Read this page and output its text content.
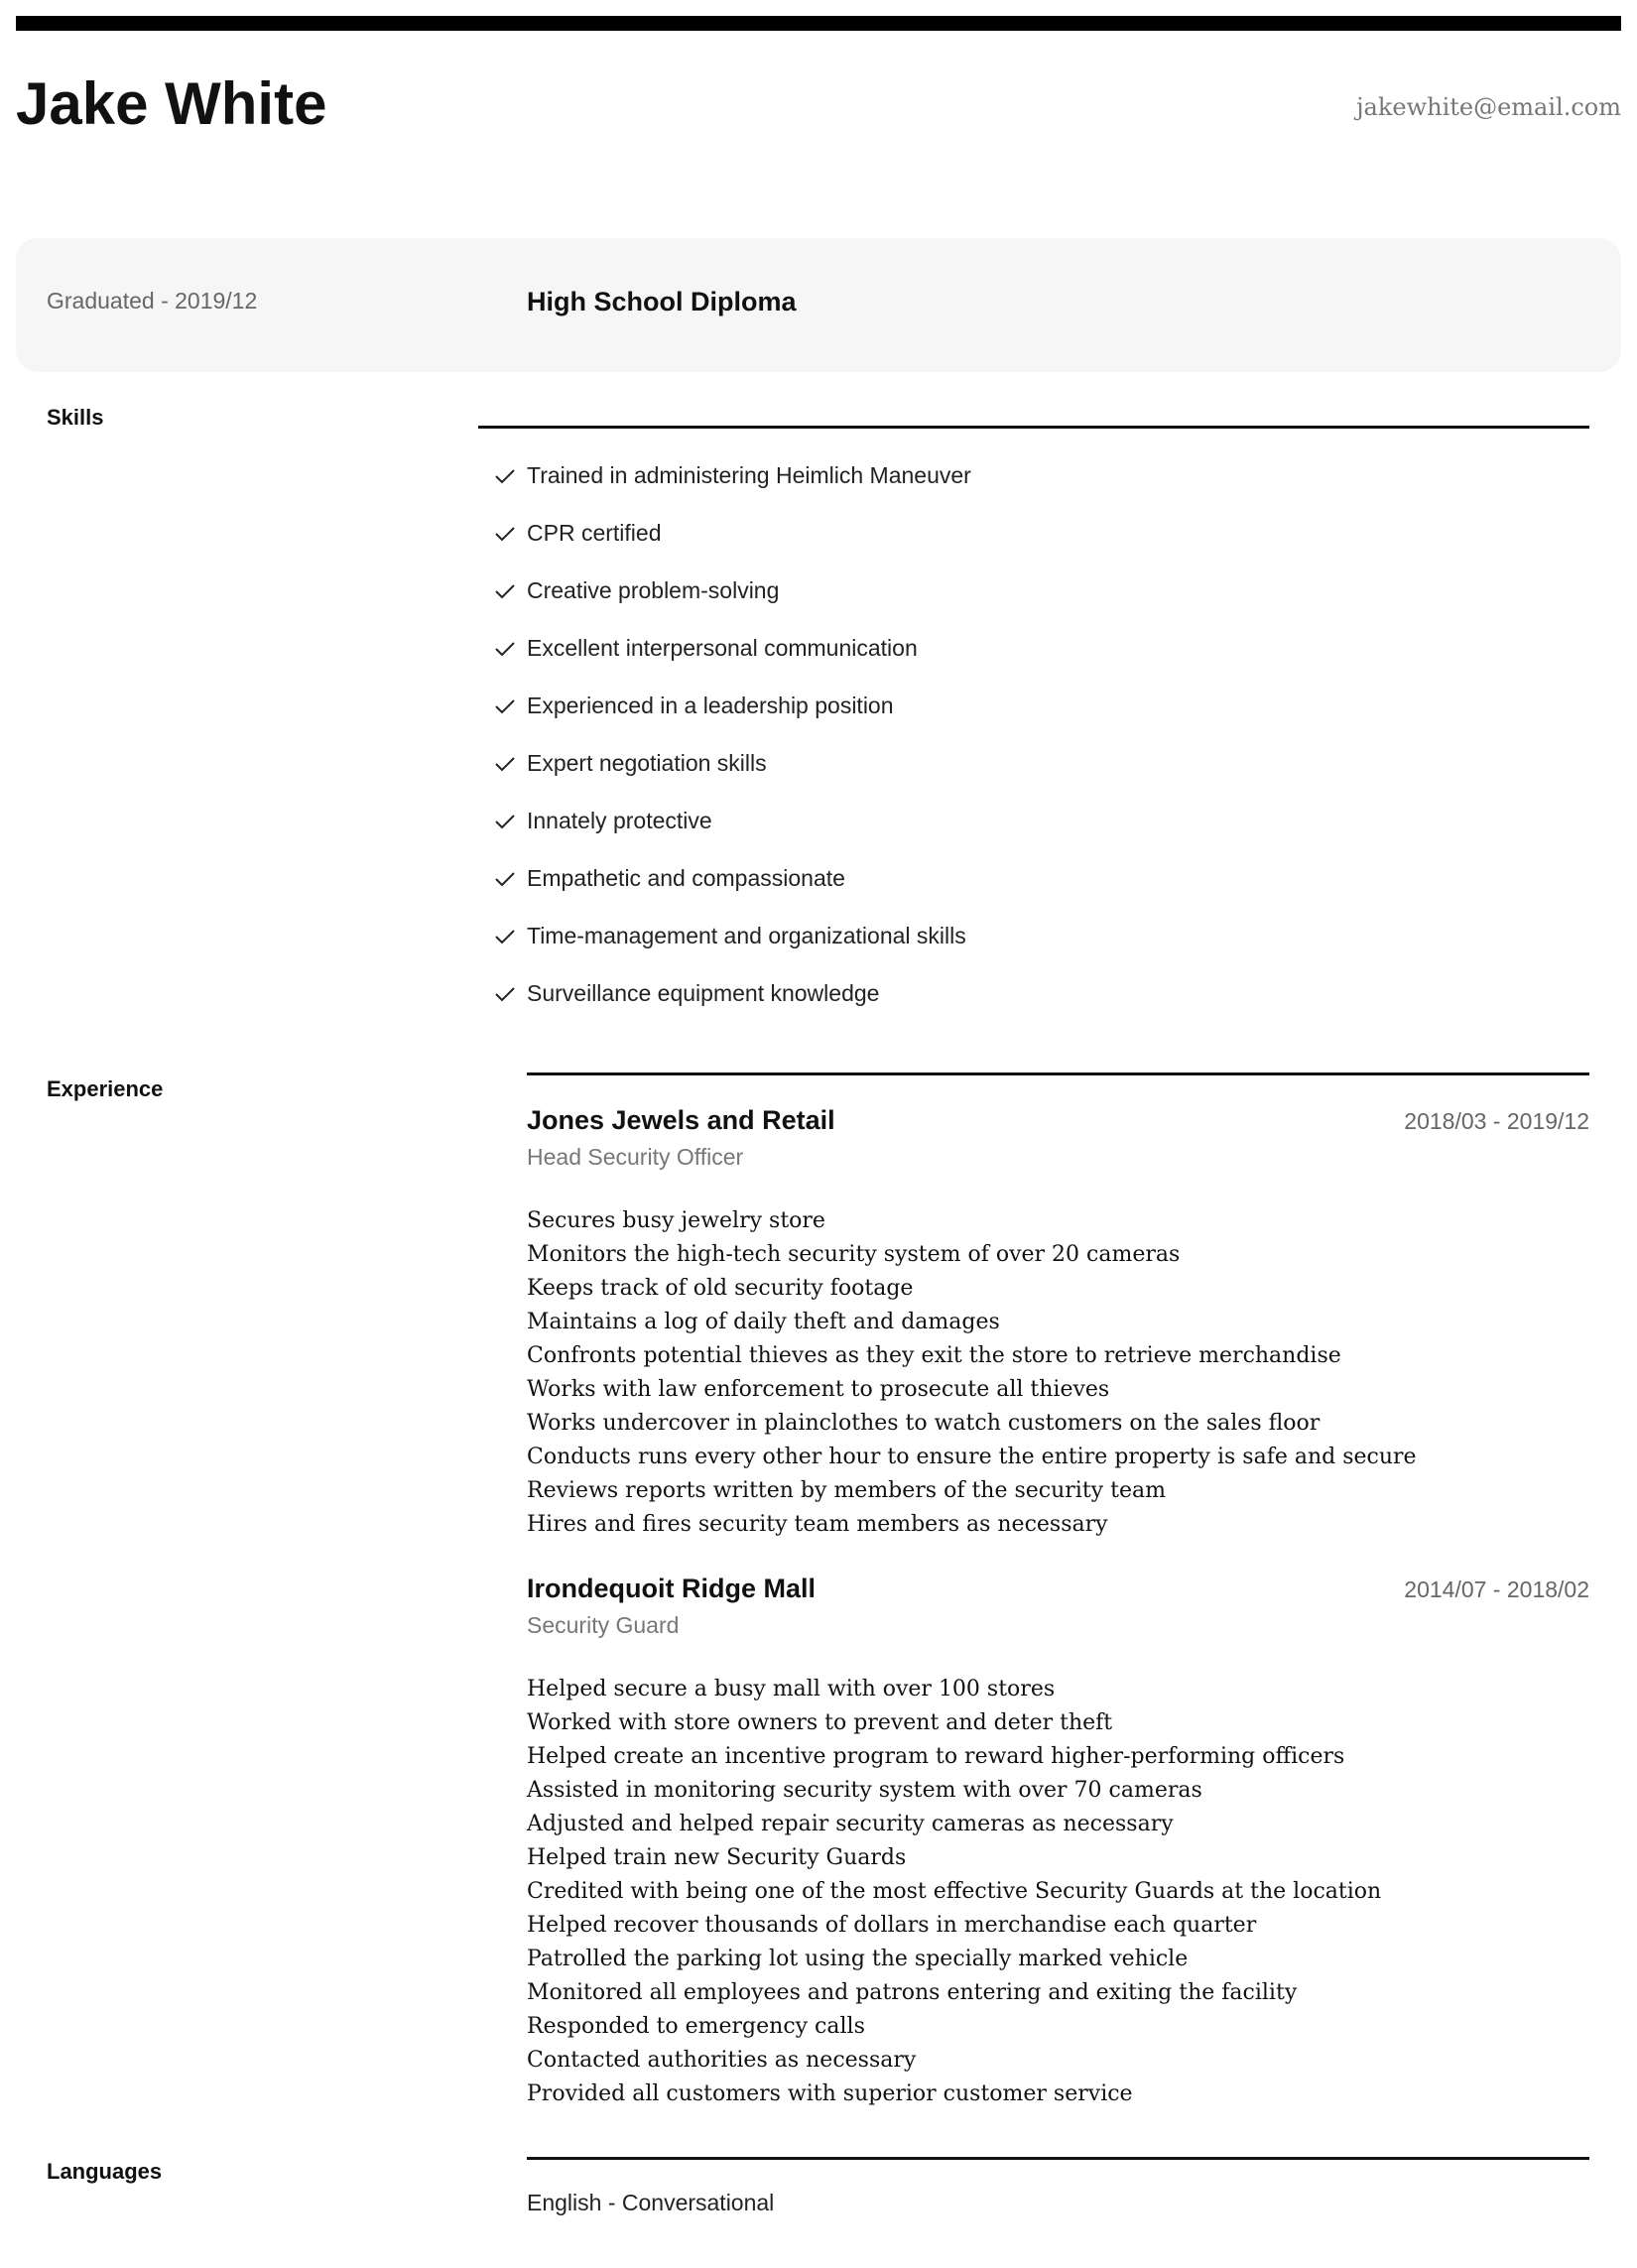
Jake White	jakewhite@email.com
Graduated - 2019/12	High School Diploma
Skills
Trained in administering Heimlich Maneuver
CPR certified
Creative problem-solving
Excellent interpersonal communication
Experienced in a leadership position
Expert negotiation skills
Innately protective
Empathetic and compassionate
Time-management and organizational skills
Surveillance equipment knowledge
Experience
Jones Jewels and Retail	2018/03 - 2019/12
Head Security Officer
Secures busy jewelry store
Monitors the high-tech security system of over 20 cameras
Keeps track of old security footage
Maintains a log of daily theft and damages
Confronts potential thieves as they exit the store to retrieve merchandise
Works with law enforcement to prosecute all thieves
Works undercover in plainclothes to watch customers on the sales floor
Conducts runs every other hour to ensure the entire property is safe and secure
Reviews reports written by members of the security team
Hires and fires security team members as necessary
Irondequoit Ridge Mall	2014/07 - 2018/02
Security Guard
Helped secure a busy mall with over 100 stores
Worked with store owners to prevent and deter theft
Helped create an incentive program to reward higher-performing officers
Assisted in monitoring security system with over 70 cameras
Adjusted and helped repair security cameras as necessary
Helped train new Security Guards
Credited with being one of the most effective Security Guards at the location
Helped recover thousands of dollars in merchandise each quarter
Patrolled the parking lot using the specially marked vehicle
Monitored all employees and patrons entering and exiting the facility
Responded to emergency calls
Contacted authorities as necessary
Provided all customers with superior customer service
Languages
English - Conversational
